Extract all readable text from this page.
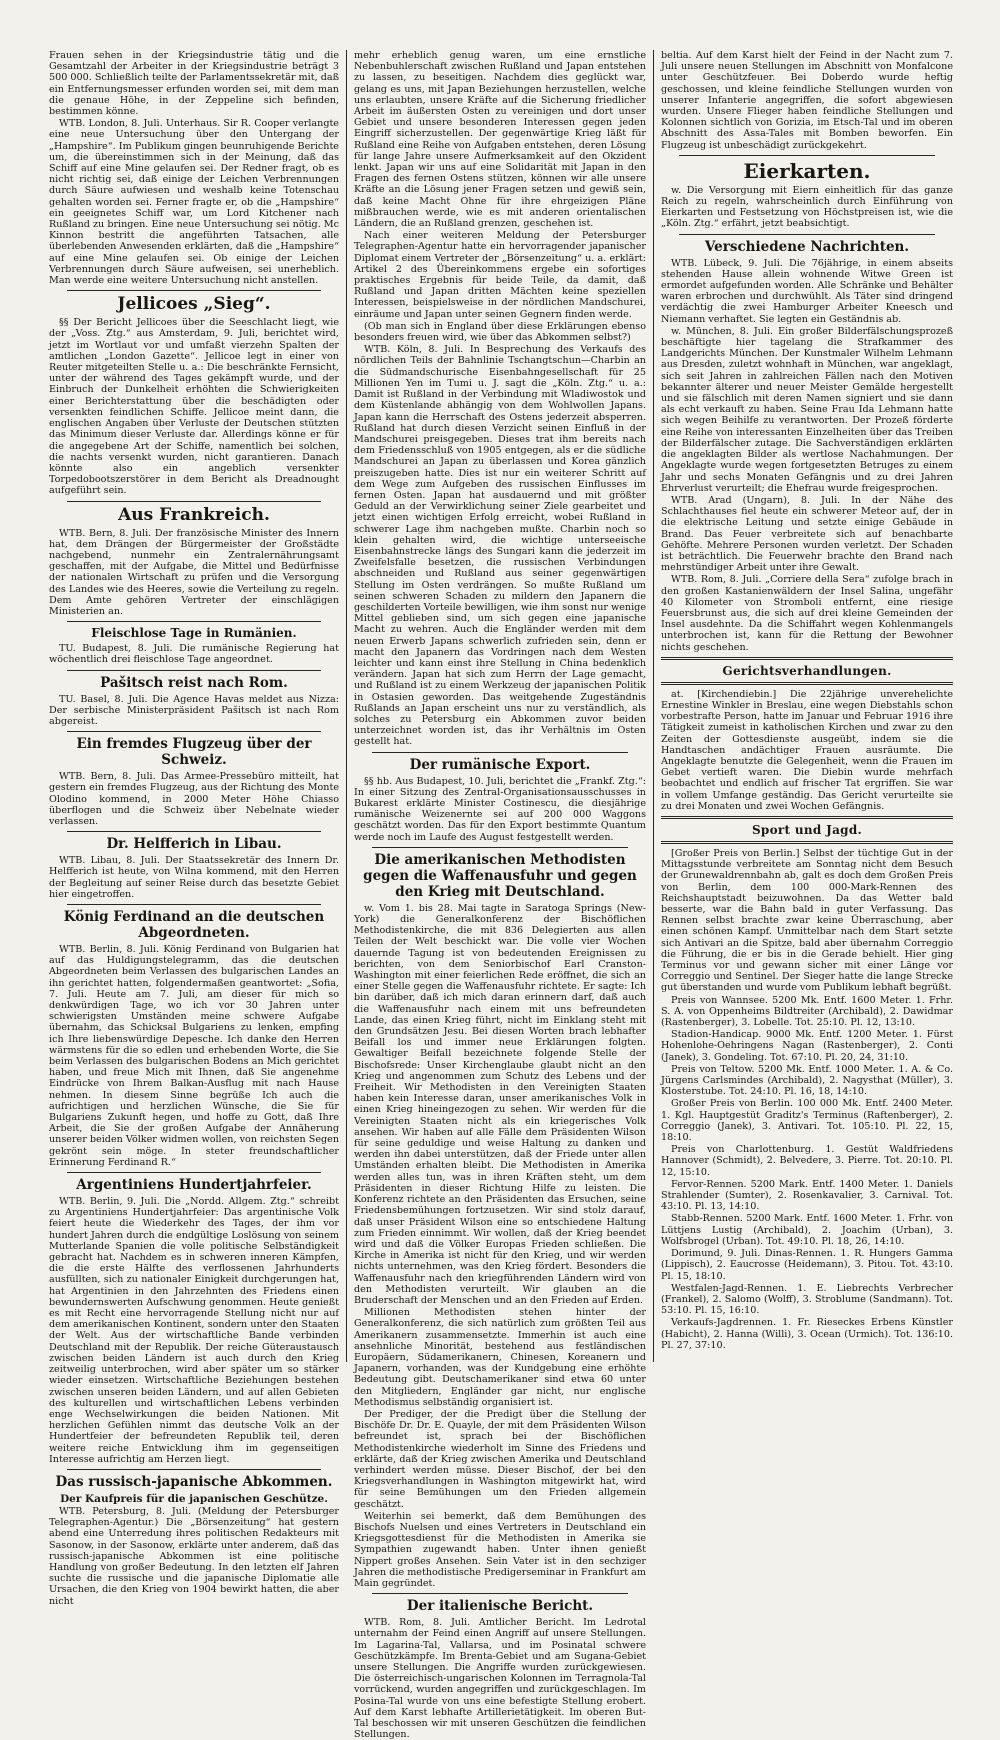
Frauen sehen in der Kriegsindustrie tätig und die Gesamtzahl der Arbeiter in der Kriegsindustrie beträgt 3 500 000. Schließlich teilte der Parlamentssekretär mit, daß ein Entfernungsmesser erfunden worden sei, mit dem man die genaue Höhe, in der Zeppeline sich befinden, bestimmen könne.

WTB. London, 8. Juli. Unterhaus. Sir R. Cooper verlangte eine neue Untersuchung über den Untergang der „Hampshire“. Im Publikum gingen beunruhigende Berichte um, die übereinstimmen sich in der Meinung, daß das Schiff auf eine Mine gelaufen sei. Der Redner fragt, ob es nicht richtig sei, daß einige der Leichen Verbrennungen durch Säure aufwiesen und weshalb keine Totenschau gehalten worden sei. Ferner fragte er, ob die „Hampshire“ ein geeignetes Schiff war, um Lord Kitchener nach Rußland zu bringen. Eine neue Untersuchung sei nötig. Mc Kinnon bestritt die angeführten Tatsachen, alle überlebenden Anwesenden erklärten, daß die „Hampshire“ auf eine Mine gelaufen sei. Ob einige der Leichen Verbrennungen durch Säure aufweisen, sei unerheblich. Man werde eine weitere Untersuchung nicht anstellen.

Jellicoes „Sieg“.

§§ Der Bericht Jellicoes über die Seeschlacht liegt, wie der „Voss. Ztg.“ aus Amsterdam, 9. Juli, berichtet wird, jetzt im Wortlaut vor und umfaßt vierzehn Spalten der amtlichen „London Gazette“. Jellicoe legt in einer von Reuter mitgeteilten Stelle u. a.: Die beschränkte Fernsicht, unter der während des Tages gekämpft wurde, und der Einbruch der Dunkelheit erhöhten die Schwierigkeiten einer Berichterstattung über die beschädigten oder versenkten feindlichen Schiffe. Jellicoe meint dann, die englischen Angaben über Verluste der Deutschen stützten das Minimum dieser Verluste dar. Allerdings könne er für die angegebene Art der Schiffe, namentlich bei solchen, die nachts versenkt wurden, nicht garantieren. Danach könnte also ein angeblich versenkter Torpedobootszerstörer in dem Bericht als Dreadnought aufgeführt sein.

Aus Frankreich.

WTB. Bern, 8. Juli. Der französische Minister des Innern hat, dem Drängen der Bürgermeister der Großstädte nachgebend, nunmehr ein Zentralernährungsamt geschaffen, mit der Aufgabe, die Mittel und Bedürfnisse der nationalen Wirtschaft zu prüfen und die Versorgung des Landes wie des Heeres, sowie die Verteilung zu regeln. Dem Amte gehören Vertreter der einschlägigen Ministerien an.

Fleischlose Tage in Rumänien.

TU. Budapest, 8. Juli. Die rumänische Regierung hat wöchentlich drei fleischlose Tage angeordnet.

Pašitsch reist nach Rom.

TU. Basel, 8. Juli. Die Agence Havas meldet aus Nizza: Der serbische Ministerpräsident Pašitsch ist nach Rom abgereist.

Ein fremdes Flugzeug über der Schweiz.

WTB. Bern, 8. Juli. Das Armee-Pressebüro mitteilt, hat gestern ein fremdes Flugzeug, aus der Richtung des Monte Olodino kommend, in 2000 Meter Höhe Chiasso überflogen und die Schweiz über Nebelnate wieder verlassen.

Dr. Helfferich in Libau.

WTB. Libau, 8. Juli. Der Staatssekretär des Innern Dr. Helfferich ist heute, von Wilna kommend, mit den Herren der Begleitung auf seiner Reise durch das besetzte Gebiet hier eingetroffen.

König Ferdinand an die deutschen Abgeordneten.

WTB. Berlin, 8. Juli. König Ferdinand von Bulgarien hat auf das Huldigungstelegramm, das die deutschen Abgeordneten beim Verlassen des bulgarischen Landes an ihn gerichtet hatten, folgendermaßen geantwortet: „Sofia, 7. Juli. Heute am 7. Juli, am dieser für mich so denkwürdigen Tage, wo ich vor 30 Jahren unter schwierigsten Umständen meine schwere Aufgabe übernahm, das Schicksal Bulgariens zu lenken, empfing ich Ihre liebenswürdige Depesche. Ich danke den Herren wärmstens für die so edlen und erhebenden Worte, die Sie beim Verlassen des bulgarischen Bodens an Mich gerichtet haben, und freue Mich mit Ihnen, daß Sie angenehme Eindrücke von Ihrem Balkan-Ausflug mit nach Hause nehmen. In diesem Sinne begrüße Ich auch die aufrichtigen und herzlichen Wünsche, die Sie für Bulgariens Zukunft hegen, und hoffe zu Gott, daß Ihre Arbeit, die Sie der großen Aufgabe der Annäherung unserer beiden Völker widmen wollen, von reichsten Segen gekrönt sein möge. In steter freundschaftlicher Erinnerung Ferdinand R.“

Argentiniens Hundertjahrfeier.

WTB. Berlin, 9. Juli. Die „Nordd. Allgem. Ztg.“ schreibt zu Argentiniens Hundertjahrfeier: Das argentinische Volk feiert heute die Wiederkehr des Tages, der ihm vor hundert Jahren durch die endgültige Loslösung von seinem Mutterlande Spanien die volle politische Selbständigkeit gebracht hat. Nachdem es in schweren inneren Kämpfen, die die erste Hälfte des verflossenen Jahrhunderts ausfüllten, sich zu nationaler Einigkeit durchgerungen hat, hat Argentinien in den Jahrzehnten des Friedens einen bewundernswerten Aufschwung genommen. Heute genießt es mit Recht eine hervorragende Stellung nicht nur auf dem amerikanischen Kontinent, sondern unter den Staaten der Welt. Aus der wirtschaftliche Bande verbinden Deutschland mit der Republik. Der reiche Güteraustausch zwischen beiden Ländern ist auch durch den Krieg zeitweilig unterbrochen, wird aber später um so stärker wieder einsetzen. Wirtschaftliche Beziehungen bestehen zwischen unseren beiden Ländern, und auf allen Gebieten des kulturellen und wirtschaftlichen Lebens verbinden enge Wechselwirkungen die beiden Nationen. Mit herzlichen Gefühlen nimmt das deutsche Volk an der Hundertfeier der befreundeten Republik teil, deren weitere reiche Entwicklung ihm im gegenseitigen Interesse aufrichtig am Herzen liegt.

Das russisch-japanische Abkommen.
Der Kaufpreis für die japanischen Geschütze.

WTB. Petersburg, 8. Juli. (Meldung der Petersburger Telegraphen-Agentur.) Die „Börsenzeitung“ hat gestern abend eine Unterredung ihres politischen Redakteurs mit Sasonow, in der Sasonow, erklärte unter anderem, daß das russisch-japanische Abkommen ist eine politische Handlung von großer Bedeutung. In den letzten elf Jahren suchte die russische und die japanische Diplomatie alle Ursachen, die den Krieg von 1904 bewirkt hatten, die aber nicht

mehr erheblich genug waren, um eine ernstliche Nebenbuhlerschaft zwischen Rußland und Japan entstehen zu lassen, zu beseitigen. Nachdem dies geglückt war, gelang es uns, mit Japan Beziehungen herzustellen, welche uns erlaubten, unsere Kräfte auf die Sicherung friedlicher Arbeit im äußersten Osten zu vereinigen und dort unser Gebiet und unsere besonderen Interessen gegen jeden Eingriff sicherzustellen. Der gegenwärtige Krieg läßt für Rußland eine Reihe von Aufgaben entstehen, deren Lösung für lange Jahre unsere Aufmerksamkeit auf den Okzident lenkt. Japan wir uns auf eine Solidarität mit Japan in den Fragen des fernen Ostens stützen, können wir alle unsere Kräfte an die Lösung jener Fragen setzen und gewiß sein, daß keine Macht Ohne für ihre ehrgeizigen Pläne mißbrauchen werde, wie es mit anderen orientalischen Ländern, die an Rußland grenzen, geschehen ist.

Nach einer weiteren Meldung der Petersburger Telegraphen-Agentur hatte ein hervorragender japanischer Diplomat einem Vertreter der „Börsenzeitung“ u. a. erklärt: Artikel 2 des Übereinkommens ergebe ein sofortiges praktisches Ergebnis für beide Teile, da damit, daß Rußland und Japan dritten Mächten keine speziellen Interessen, beispielsweise in der nördlichen Mandschurei, einräume und Japan unter seinen Gegnern finden werde.

(Ob man sich in England über diese Erklärungen ebenso besonders freuen wird, wie über das Abkommen selbst?)

WTB. Köln, 8. Juli. In Besprechung des Verkaufs des nördlichen Teils der Bahnlinie Tschangtschun—Charbin an die Südmandschurische Eisenbahngesellschaft für 25 Millionen Yen im Tumi u. J. sagt die „Köln. Ztg.“ u. a.: Damit ist Rußland in der Verbindung mit Wladiwostok und dem Küstenlande abhängig von dem Wohlwollen Japans. Japan kann die Herrschaft des Ostens jederzeit absperren. Rußland hat durch diesen Verzicht seinen Einfluß in der Mandschurei preisgegeben. Dieses trat ihm bereits nach dem Friedensschluß von 1905 entgegen, als er die südliche Mandschurei an Japan zu überlassen und Korea gänzlich preiszugeben hatte. Dies ist nur ein weiterer Schritt auf dem Wege zum Aufgeben des russischen Einflusses im fernen Osten. Japan hat ausdauernd und mit größter Geduld an der Verwirklichung seiner Ziele gearbeitet und jetzt einen wichtigen Erfolg erreicht, wobei Rußland in schwerer Lage ihm nachgeben mußte. Charbin noch so klein gehalten wird, die wichtige unterseeische Eisenbahnstrecke längs des Sungari kann die jederzeit im Zweifelsfalle besetzen, die russischen Verbindungen abschneiden und Rußland aus seiner gegenwärtigen Stellung im Osten verdrängen. So mußte Rußland um seinen schweren Schaden zu mildern den Japanern die geschilderten Vorteile bewilligen, wie ihm sonst nur wenige Mittel geblieben sind, um sich gegen eine japanische Macht zu wehren. Auch die Engländer werden mit dem neuen Erwerb Japans schwerlich zufrieden sein, denn er macht den Japanern das Vordringen nach dem Westen leichter und kann einst ihre Stellung in China bedenklich verändern. Japan hat sich zum Herrn der Lage gemacht, und Rußland ist zu einem Werkzeug der japanischen Politik in Ostasien geworden. Das weitgehende Zugeständnis Rußlands an Japan erscheint uns nur zu verständlich, als solches zu Petersburg ein Abkommen zuvor beiden unterzeichnet worden ist, das ihr Verhältnis im Osten gestellt hat.

Der rumänische Export.

§§ hb. Aus Budapest, 10. Juli, berichtet die „Frankf. Ztg.“: In einer Sitzung des Zentral-Organisationsausschusses in Bukarest erklärte Minister Costinescu, die diesjährige rumänische Weizenernte sei auf 200 000 Waggons geschätzt worden. Das für den Export bestimmte Quantum werde noch im Laufe des August festgestellt werden.

Die amerikanischen Methodisten gegen die Waffenausfuhr und gegen den Krieg mit Deutschland.

w. Vom 1. bis 28. Mai tagte in Saratoga Springs (New-York) die Generalkonferenz der Bischöflichen Methodistenkirche, die mit 836 Delegierten aus allen Teilen der Welt beschickt war. Die volle vier Wochen dauernde Tagung ist von bedeutenden Ereignissen zu berichten, von dem Seniorbischof Earl Cranston-Washington mit einer feierlichen Rede eröffnet, die sich an einer Stelle gegen die Waffenausfuhr richtete. Er sagte: Ich bin darüber, daß ich mich daran erinnern darf, daß auch die Waffenausfuhr nach einem mit uns befreundeten Lande, das einen Krieg führt, nicht im Einklang steht mit den Grundsätzen Jesu. Bei diesen Worten brach lebhafter Beifall los und immer neue Erklärungen folgten. Gewaltiger Beifall bezeichnete folgende Stelle der Bischofsrede: Unser Kirchenglaube glaubt nicht an den Krieg und angenommen zum Schutz des Lebens und der Freiheit. Wir Methodisten in den Vereinigten Staaten haben kein Interesse daran, unser amerikanisches Volk in einen Krieg hineingezogen zu sehen. Wir werden für die Vereinigten Staaten nicht als ein kriegerisches Volk ansehen. Wir haben auf alle Fälle dem Präsidenten Wilson für seine geduldige und weise Haltung zu danken und werden ihn dabei unterstützen, daß der Friede unter allen Umständen erhalten bleibt. Die Methodisten in Amerika werden alles tun, was in ihren Kräften steht, um dem Präsidenten in dieser Richtung Hilfe zu leisten. Die Konferenz richtete an den Präsidenten das Ersuchen, seine Friedensbemühungen fortzusetzen. Wir sind stolz darauf, daß unser Präsident Wilson eine so entschiedene Haltung zum Frieden einnimmt. Wir wollen, daß der Krieg beendet wird und daß die Völker Europas Frieden schließen. Die Kirche in Amerika ist nicht für den Krieg, und wir werden nichts unternehmen, was den Krieg fördert. Besonders die Waffenausfuhr nach den kriegführenden Ländern wird von den Methodisten verurteilt. Wir glauben an die Bruderschaft der Menschen und an den Frieden auf Erden.

Millionen Methodisten stehen hinter der Generalkonferenz, die sich natürlich zum größten Teil aus Amerikanern zusammensetzte. Immerhin ist auch eine ansehnliche Minorität, bestehend aus festländischen Europäern, Südamerikanern, Chinesen, Koreanern und Japanern, vorhanden, was der Kundgebung eine erhöhte Bedeutung gibt. Deutschamerikaner sind etwa 60 unter den Mitgliedern, Engländer gar nicht, nur englische Methodismus selbständig organisiert ist.

Der Prediger, der die Predigt über die Stellung der Bischöfe Dr. Dr. E. Quayle, der mit dem Präsidenten Wilson befreundet ist, sprach bei der Bischöflichen Methodistenkirche wiederholt im Sinne des Friedens und erklärte, daß der Krieg zwischen Amerika und Deutschland verhindert werden müsse. Dieser Bischof, der bei den Kriegsverhandlungen in Washington mitgewirkt hat, wird für seine Bemühungen um den Frieden allgemein geschätzt.

Weiterhin sei bemerkt, daß dem Bemühungen des Bischofs Nuelsen und eines Vertreters in Deutschland ein Kriegsgottesdienst für die Methodisten in Amerika sie Sympathien zugewandt haben. Unter ihnen genießt Nippert großes Ansehen. Sein Vater ist in den sechziger Jahren die methodistische Predigerseminar in Frankfurt am Main gegründet.

Der italienische Bericht.

WTB. Rom, 8. Juli. Amtlicher Bericht. Im Ledrotal unternahm der Feind einen Angriff auf unsere Stellungen. Im Lagarina-Tal, Vallarsa, und im Posinatal schwere Geschützkämpfe. Im Brenta-Gebiet und am Sugana-Gebiet unsere Stellungen. Die Angriffe wurden zurückgewiesen. Die österreichisch-ungarischen Kolonnen im Terragnola-Tal vorrückend, wurden angegriffen und zurückgeschlagen. Im Posina-Tal wurde von uns eine befestigte Stellung erobert. Auf dem Karst lebhafte Artillerietätigkeit. Im oberen But-Tal beschossen wir mit unseren Geschützen die feindlichen Stellungen.

beltia. Auf dem Karst hielt der Feind in der Nacht zum 7. Juli unsere neuen Stellungen im Abschnitt von Monfalcone unter Geschützfeuer. Bei Doberdo wurde heftig geschossen, und kleine feindliche Stellungen wurden von unserer Infanterie angegriffen, die sofort abgewiesen wurden. Unsere Flieger haben feindliche Stellungen und Kolonnen sichtlich von Gorizia, im Etsch-Tal und im oberen Abschnitt des Assa-Tales mit Bomben beworfen. Ein Flugzeug ist unbeschädigt zurückgekehrt.

Eierkarten.

w. Die Versorgung mit Eiern einheitlich für das ganze Reich zu regeln, wahrscheinlich durch Einführung von Eierkarten und Festsetzung von Höchstpreisen ist, wie die „Köln. Ztg.“ erfährt, jetzt beabsichtigt.

Verschiedene Nachrichten.

WTB. Lübeck, 9. Juli. Die 76jährige, in einem abseits stehenden Hause allein wohnende Witwe Green ist ermordet aufgefunden worden. Alle Schränke und Behälter waren erbrochen und durchwühlt. Als Täter sind dringend verdächtig die zwei Hamburger Arbeiter Kneesch und Niemann verhaftet. Sie legten ein Geständnis ab.

w. München, 8. Juli. Ein großer Bilderfälschungsprozeß beschäftigte hier tagelang die Strafkammer des Landgerichts München. Der Kunstmaler Wilhelm Lehmann aus Dresden, zuletzt wohnhaft in München, war angeklagt, sich seit Jahren in zahlreichen Fällen nach den Motiven bekannter älterer und neuer Meister Gemälde hergestellt und sie fälschlich mit deren Namen signiert und sie dann als echt verkauft zu haben. Seine Frau Ida Lehmann hatte sich wegen Beihilfe zu verantworten. Der Prozeß förderte eine Reihe von interessanten Einzelheiten über das Treiben der Bilderfälscher zutage. Die Sachverständigen erklärten die angeklagten Bilder als wertlose Nachahmungen. Der Angeklagte wurde wegen fortgesetzten Betruges zu einem Jahr und sechs Monaten Gefängnis und zu drei Jahren Ehrverlust verurteilt; die Ehefrau wurde freigesprochen.

WTB. Arad (Ungarn), 8. Juli. In der Nähe des Schlachthauses fiel heute ein schwerer Meteor auf, der in die elektrische Leitung und setzte einige Gebäude in Brand. Das Feuer verbreitete sich auf benachbarte Gehöfte. Mehrere Personen wurden verletzt. Der Schaden ist beträchtlich. Die Feuerwehr brachte den Brand nach mehrstündiger Arbeit unter ihre Gewalt.

WTB. Rom, 8. Juli. „Corriere della Sera“ zufolge brach in den großen Kastanienwäldern der Insel Salina, ungefähr 40 Kilometer von Stromboli entfernt, eine riesige Feuersbrunst aus, die sich auf drei kleine Gemeinden der Insel ausdehnte. Da die Schiffahrt wegen Kohlenmangels unterbrochen ist, kann für die Rettung der Bewohner nichts geschehen.

Gerichtsverhandlungen.

at. [Kirchendiebin.] Die 22jährige unverehelichte Ernestine Winkler in Breslau, eine wegen Diebstahls schon vorbestrafte Person, hatte im Januar und Februar 1916 ihre Tätigkeit zumeist in katholischen Kirchen und zwar zu den Zeiten der Gottesdienste ausgeübt, indem sie die Handtaschen andächtiger Frauen ausräumte. Die Angeklagte benutzte die Gelegenheit, wenn die Frauen im Gebet vertieft waren. Die Diebin wurde mehrfach beobachtet und endlich auf frischer Tat ergriffen. Sie war in vollem Umfange geständig. Das Gericht verurteilte sie zu drei Monaten und zwei Wochen Gefängnis.

Sport und Jagd.

[Großer Preis von Berlin.] Selbst der tüchtige Gut in der Mittagsstunde verbreitete am Sonntag nicht dem Besuch der Grunewaldrennbahn ab, galt es doch dem Großen Preis von Berlin, dem 100 000-Mark-Rennen des Reichshauptstadt beizuwohnen. Da das Wetter bald besserte, war die Bahn bald in guter Verfassung. Das Rennen selbst brachte zwar keine Überraschung, aber einen schönen Kampf. Unmittelbar nach dem Start setzte sich Antivari an die Spitze, bald aber übernahm Correggio die Führung, die er bis in die Gerade behielt. Hier ging Terminus vor und gewann sicher mit einer Länge vor Correggio und Sentinel. Der Sieger hatte die lange Strecke gut überstanden und wurde vom Publikum lebhaft begrüßt.

Preis von Wannsee. 5200 Mk. Entf. 1600 Meter. 1. Frhr. S. A. von Oppenheims Bildtreiter (Archibald), 2. Dawidmar (Rastenberger), 3. Lobelle. Tot. 25:10. Pl. 12, 13:10.

Stadion-Handicap. 9000 Mk. Entf. 1200 Meter. 1. Fürst Hohenlohe-Oehringens Nagan (Rastenberger), 2. Conti (Janek), 3. Gondeling. Tot. 67:10. Pl. 20, 24, 31:10.

Preis von Teltow. 5200 Mk. Entf. 1000 Meter. 1. A. & Co. Jürgens Carlsmindes (Archibald), 2. Nagysthat (Müller), 3. Klosterstube. Tot. 24:10. Pl. 16, 18, 14:10.

Großer Preis von Berlin. 100 000 Mk. Entf. 2400 Meter. 1. Kgl. Hauptgestüt Graditz's Terminus (Raftenberger), 2. Correggio (Janek), 3. Antivari. Tot. 105:10. Pl. 22, 15, 18:10.

Preis von Charlottenburg. 1. Gestüt Waldfriedens Hannover (Schmidt), 2. Belvedere, 3. Pierre. Tot. 20:10. Pl. 12, 15:10.

Fervor-Rennen. 5200 Mark. Entf. 1400 Meter. 1. Daniels Strahlender (Sumter), 2. Rosenkavalier, 3. Carnival. Tot. 43:10. Pl. 13, 14:10.

Stabb-Rennen. 5200 Mark. Entf. 1600 Meter. 1. Frhr. von Lüttjens Lustig (Archibald), 2. Joachim (Urban), 3. Wolfsbrogel (Urban). Tot. 49:10. Pl. 18, 26, 14:10.

Dorimund, 9. Juli. Dinas-Rennen. 1. R. Hungers Gamma (Lippisch), 2. Eaucrosse (Heidemann), 3. Pitou. Tot. 43:10. Pl. 15, 18:10.

Westfalen-Jagd-Rennen. 1. E. Liebrechts Verbrecher (Frankel), 2. Salomo (Wolff), 3. Stroblume (Sandmann). Tot. 53:10. Pl. 15, 16:10.

Verkaufs-Jagdrennen. 1. Fr. Rieseckes Erbens Künstler (Habicht), 2. Hanna (Willi), 3. Ocean (Urmich). Tot. 136:10. Pl. 27, 37:10.
